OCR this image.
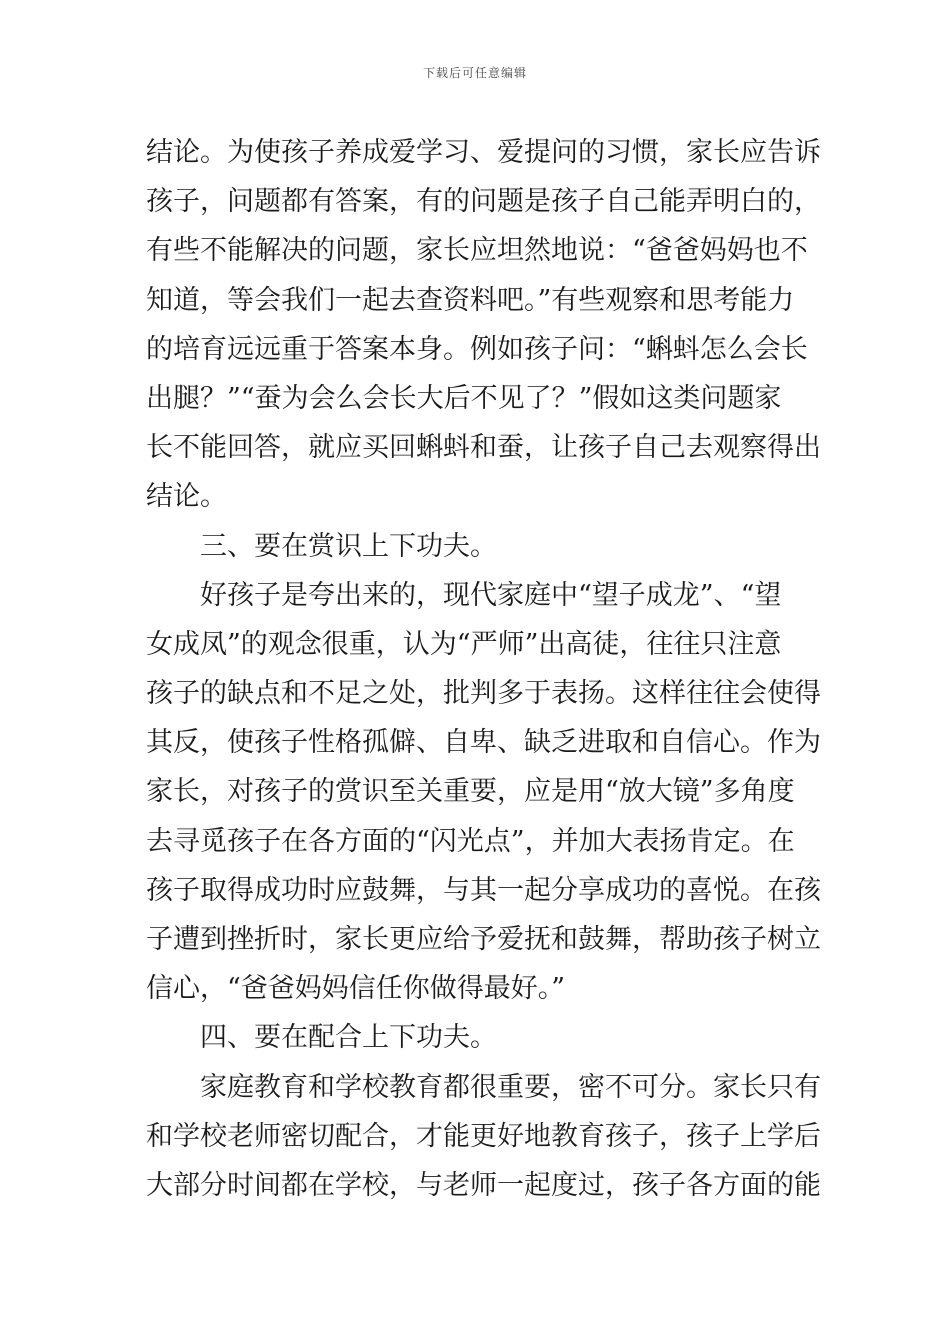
下载后可任意编辑
结论。为使孩子养成爱学习、爱提问的习惯，家长应告诉
孩子，问题都有答案，有的问题是孩子自己能弄明白的，
有些不能解决的问题，家长应坦然地说：“爸爸妈妈也不
知道，等会我们一起去查资料吧。”有些观察和思考能力
的培育远远重于答案本身。例如孩子问：“蝌蚪怎么会长
出腿？”“蚕为会么会长大后不见了？”假如这类问题家
长不能回答，就应买回蝌蚪和蚕，让孩子自己去观察得出
结论。
三、要在赏识上下功夫。
好孩子是夸出来的，现代家庭中“望子成龙”、“望
女成凤”的观念很重，认为“严师”出高徒，往往只注意
孩子的缺点和不足之处，批判多于表扬。这样往往会使得
其反，使孩子性格孤僻、自卑、缺乏进取和自信心。作为
家长，对孩子的赏识至关重要，应是用“放大镜”多角度
去寻觅孩子在各方面的“闪光点”，并加大表扬肯定。在
孩子取得成功时应鼓舞，与其一起分享成功的喜悦。在孩
子遭到挫折时，家长更应给予爱抚和鼓舞，帮助孩子树立
信心，“爸爸妈妈信任你做得最好。”
四、要在配合上下功夫。
家庭教育和学校教育都很重要，密不可分。家长只有
和学校老师密切配合，才能更好地教育孩子，孩子上学后
大部分时间都在学校，与老师一起度过，孩子各方面的能
